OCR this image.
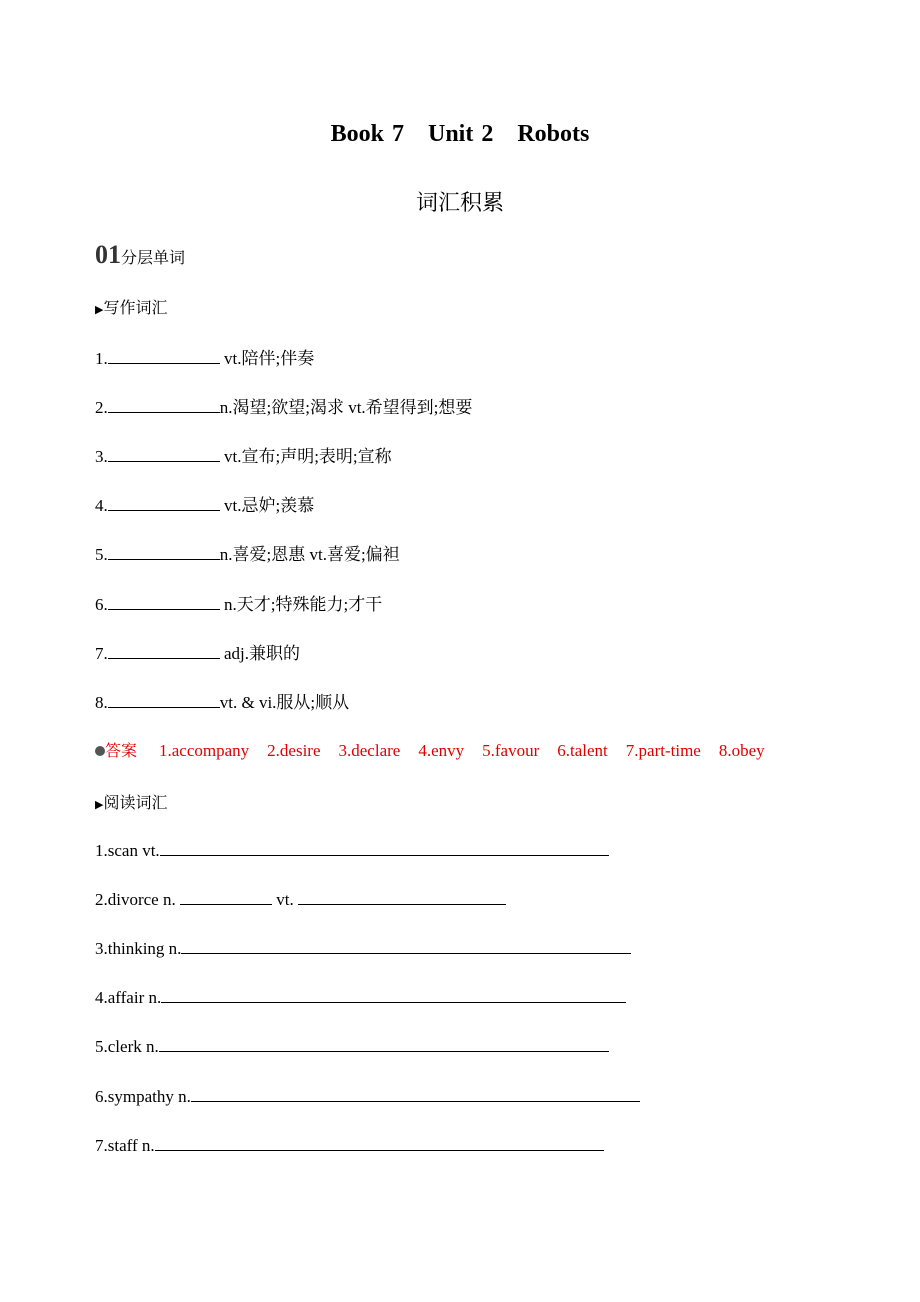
Book 7 Unit 2 Robots
词汇积累
01分层单词
▶写作词汇
1.	vt.陪伴;伴奏
2.	n.渴望;欲望;渴求 vt.希望得到;想要
3.	vt.宣布;声明;表明;宣称
4.	vt.忌妒;羡慕
5.	n.喜爱;恩惠 vt.喜爱;偏袒
6.	n.天才;特殊能力;才干
7.	adj.兼职的
8.	vt. & vi.服从;顺从
答案 1.accompany 2.desire 3.declare 4.envy 5.favour 6.talent 7.part-time 8.obey
▶阅读词汇
1.scan vt.
2.divorce n.	vt.
3.thinking n.
4.affair n.
5.clerk n.
6.sympathy n.
7.staff n.
